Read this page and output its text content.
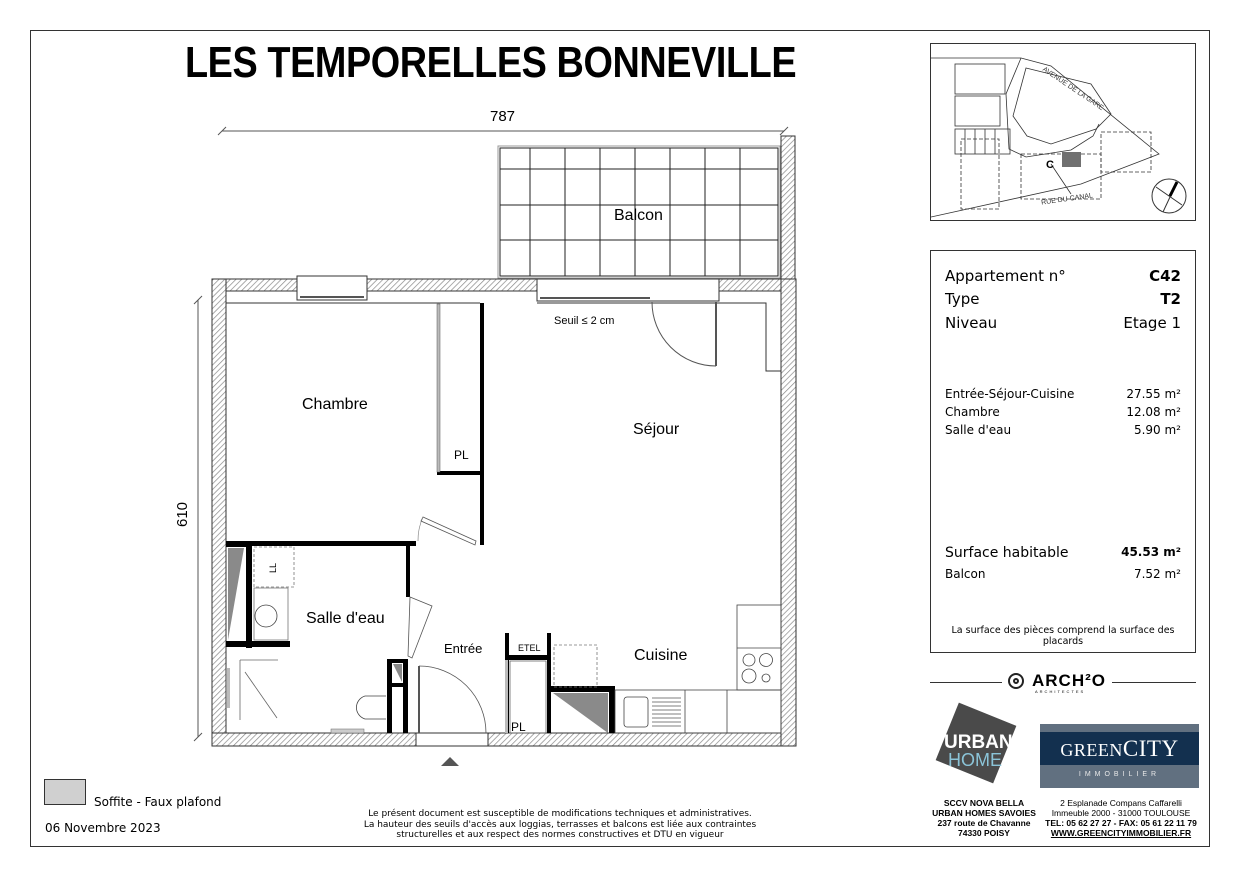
LES TEMPORELLES BONNEVILLE
787
610
Balcon
Chambre
Séjour
Salle d'eau
Entrée	Cuisine
Seuil ≤ 2 cm
PL
PL
ETEL
LL
C
AVENUE DE LA GARE
RUE DU CANAL
Appartement n°	C42
Type	T2
Niveau	Etage 1
Entrée-Séjour-Cuisine	27.55 m²
Chambre	12.08 m²
Salle d'eau	5.90 m²
Surface habitable	45.53 m²
Balcon	7.52 m²
La surface des pièces comprend la surface des placards
ARCH²O
ARCHITECTES
URBAN
HOME
SCCV NOVA BELLA
URBAN HOMES SAVOIES
237 route de Chavanne
74330 POISY
GREENCITY
IMMOBILIER
2 Esplanade Compans Caffarelli
Immeuble 2000 - 31000 TOULOUSE
TEL: 05 62 27 27 - FAX: 05 61 22 11 79
WWW.GREENCITYIMMOBILIER.FR
Soffite - Faux plafond
06 Novembre 2023
Le présent document est susceptible de modifications techniques et administratives.
La hauteur des seuils d'accès aux loggias, terrasses et balcons est liée aux contraintes
structurelles et aux respect des normes constructives et DTU en vigueur
